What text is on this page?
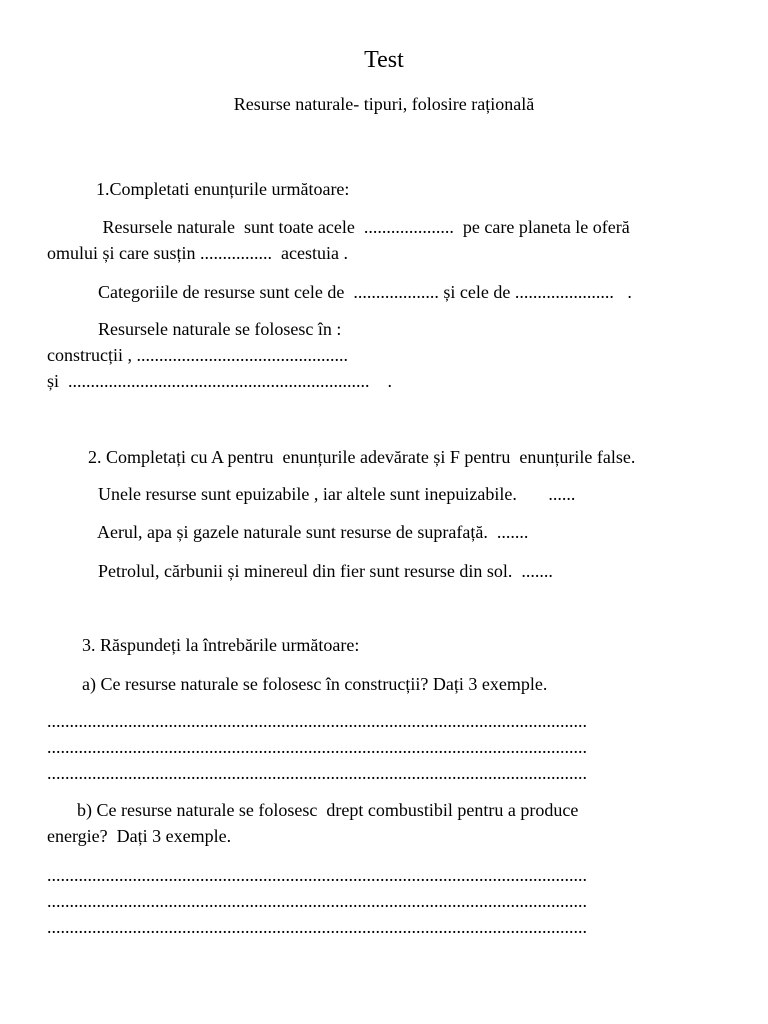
Test
Resurse naturale- tipuri, folosire rațională
1.Completati enunțurile următoare:
Resursele naturale  sunt toate acele  ....................  pe care planeta le oferă
omului și care susțin ................  acestuia .
Categoriile de resurse sunt cele de  ................... și cele de ......................   .
Resursele naturale se folosesc în :
construcții , ...............................................
și  ...................................................................    .
2. Completați cu A pentru  enunțurile adevărate și F pentru  enunțurile false.
Unele resurse sunt epuizabile , iar altele sunt inepuizabile.       ......
Aerul, apa și gazele naturale sunt resurse de suprafață.  .......
Petrolul, cărbunii și minereul din fier sunt resurse din sol.  .......
3. Răspundeți la întrebările următoare:
a) Ce resurse naturale se folosesc în construcții? Dați 3 exemple.
........................................................................................................................
........................................................................................................................
........................................................................................................................
b) Ce resurse naturale se folosesc  drept combustibil pentru a produce
energie?  Dați 3 exemple.
........................................................................................................................
........................................................................................................................
........................................................................................................................
